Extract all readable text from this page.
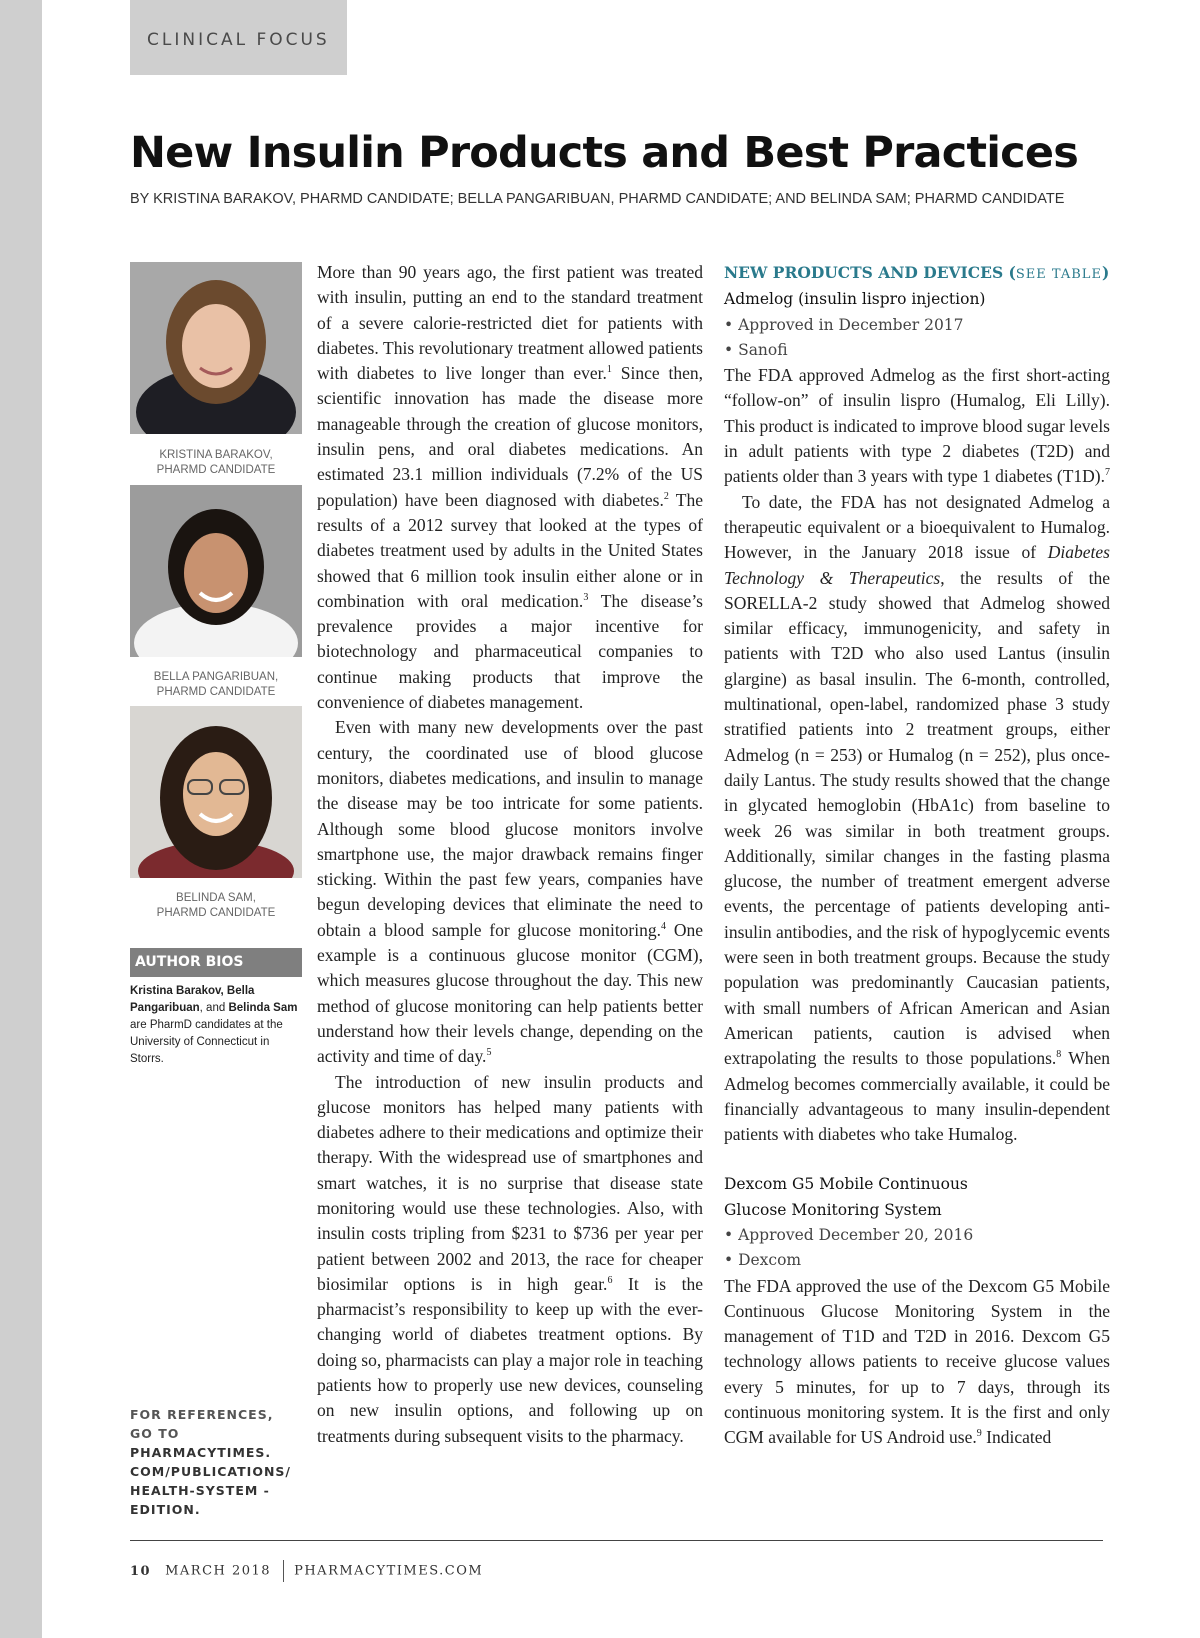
CLINICAL FOCUS
New Insulin Products and Best Practices
BY KRISTINA BARAKOV, PHARMD CANDIDATE; BELLA PANGARIBUAN, PHARMD CANDIDATE; AND BELINDA SAM; PHARMD CANDIDATE
KRISTINA BARAKOV,
PHARMD CANDIDATE
BELLA PANGARIBUAN,
PHARMD CANDIDATE
BELINDA SAM,
PHARMD CANDIDATE
AUTHOR BIOS
Kristina Barakov, Bella Pangaribuan, and Belinda Sam are PharmD candidates at the University of Connecticut in Storrs.
FOR REFERENCES, GO TO PHARMACYTIMES. COM/PUBLICATIONS/ HEALTH-SYSTEM -EDITION.

More than 90 years ago, the first patient was treated with insulin, putting an end to the standard treatment of a severe calorie-restricted diet for patients with diabetes. This revolutionary treatment allowed patients with diabetes to live longer than ever.$^1$ Since then, scientific innovation has made the disease more manageable through the creation of glucose monitors, insulin pens, and oral diabetes medications. An estimated 23.1 million individuals (7.2% of the US population) have been diagnosed with diabetes.$^2$ The results of a 2012 survey that looked at the types of diabetes treatment used by adults in the United States showed that 6 million took insulin either alone or in combination with oral medication.$^3$ The disease’s prevalence provides a major incentive for biotechnology and pharmaceutical companies to continue making products that improve the convenience of diabetes management.

Even with many new developments over the past century, the coordinated use of blood glucose monitors, diabetes medications, and insulin to manage the disease may be too intricate for some patients. Although some blood glucose monitors involve smartphone use, the major drawback remains finger sticking. Within the past few years, companies have begun developing devices that eliminate the need to obtain a blood sample for glucose monitoring.$^4$ One example is a continuous glucose monitor (CGM), which measures glucose throughout the day. This new method of glucose monitoring can help patients better understand how their levels change, depending on the activity and time of day.$^5$

The introduction of new insulin products and glucose monitors has helped many patients with diabetes adhere to their medications and optimize their therapy. With the widespread use of smartphones and smart watches, it is no surprise that disease state monitoring would use these technologies. Also, with insulin costs tripling from $231 to $736 per year per patient between 2002 and 2013, the race for cheaper biosimilar options is in high gear.$^6$ It is the pharmacist’s responsibility to keep up with the ever-changing world of diabetes treatment options. By doing so, pharmacists can play a major role in teaching patients how to properly use new devices, counseling on new insulin options, and following up on treatments during subsequent visits to the pharmacy.

NEW PRODUCTS AND DEVICES (SEE TABLE)
Admelog (insulin lispro injection)
• Approved in December 2017
• Sanofi

The FDA approved Admelog as the first short-acting “follow-on” of insulin lispro (Humalog, Eli Lilly). This product is indicated to improve blood sugar levels in adult patients with type 2 diabetes (T2D) and patients older than 3 years with type 1 diabetes (T1D).$^7$

To date, the FDA has not designated Admelog a therapeutic equivalent or a bioequivalent to Humalog. However, in the January 2018 issue of Diabetes Technology & Therapeutics, the results of the SORELLA-2 study showed that Admelog showed similar efficacy, immunogenicity, and safety in patients with T2D who also used Lantus (insulin glargine) as basal insulin. The 6-month, controlled, multinational, open-label, randomized phase 3 study stratified patients into 2 treatment groups, either Admelog (n = 253) or Humalog (n = 252), plus once-daily Lantus. The study results showed that the change in glycated hemoglobin (HbA1c) from baseline to week 26 was similar in both treatment groups. Additionally, similar changes in the fasting plasma glucose, the number of treatment emergent adverse events, the percentage of patients developing anti-insulin antibodies, and the risk of hypoglycemic events were seen in both treatment groups. Because the study population was predominantly Caucasian patients, with small numbers of African American and Asian American patients, caution is advised when extrapolating the results to those populations.$^8$ When Admelog becomes commercially available, it could be financially advantageous to many insulin-dependent patients with diabetes who take Humalog.

Dexcom G5 Mobile Continuous
Glucose Monitoring System
• Approved December 20, 2016
• Dexcom

The FDA approved the use of the Dexcom G5 Mobile Continuous Glucose Monitoring System in the management of T1D and T2D in 2016. Dexcom G5 technology allows patients to receive glucose values every 5 minutes, for up to 7 days, through its continuous monitoring system. It is the first and only CGM available for US Android use.$^9$ Indicated

10 MARCH 2018 PHARMACYTIMES.COM
